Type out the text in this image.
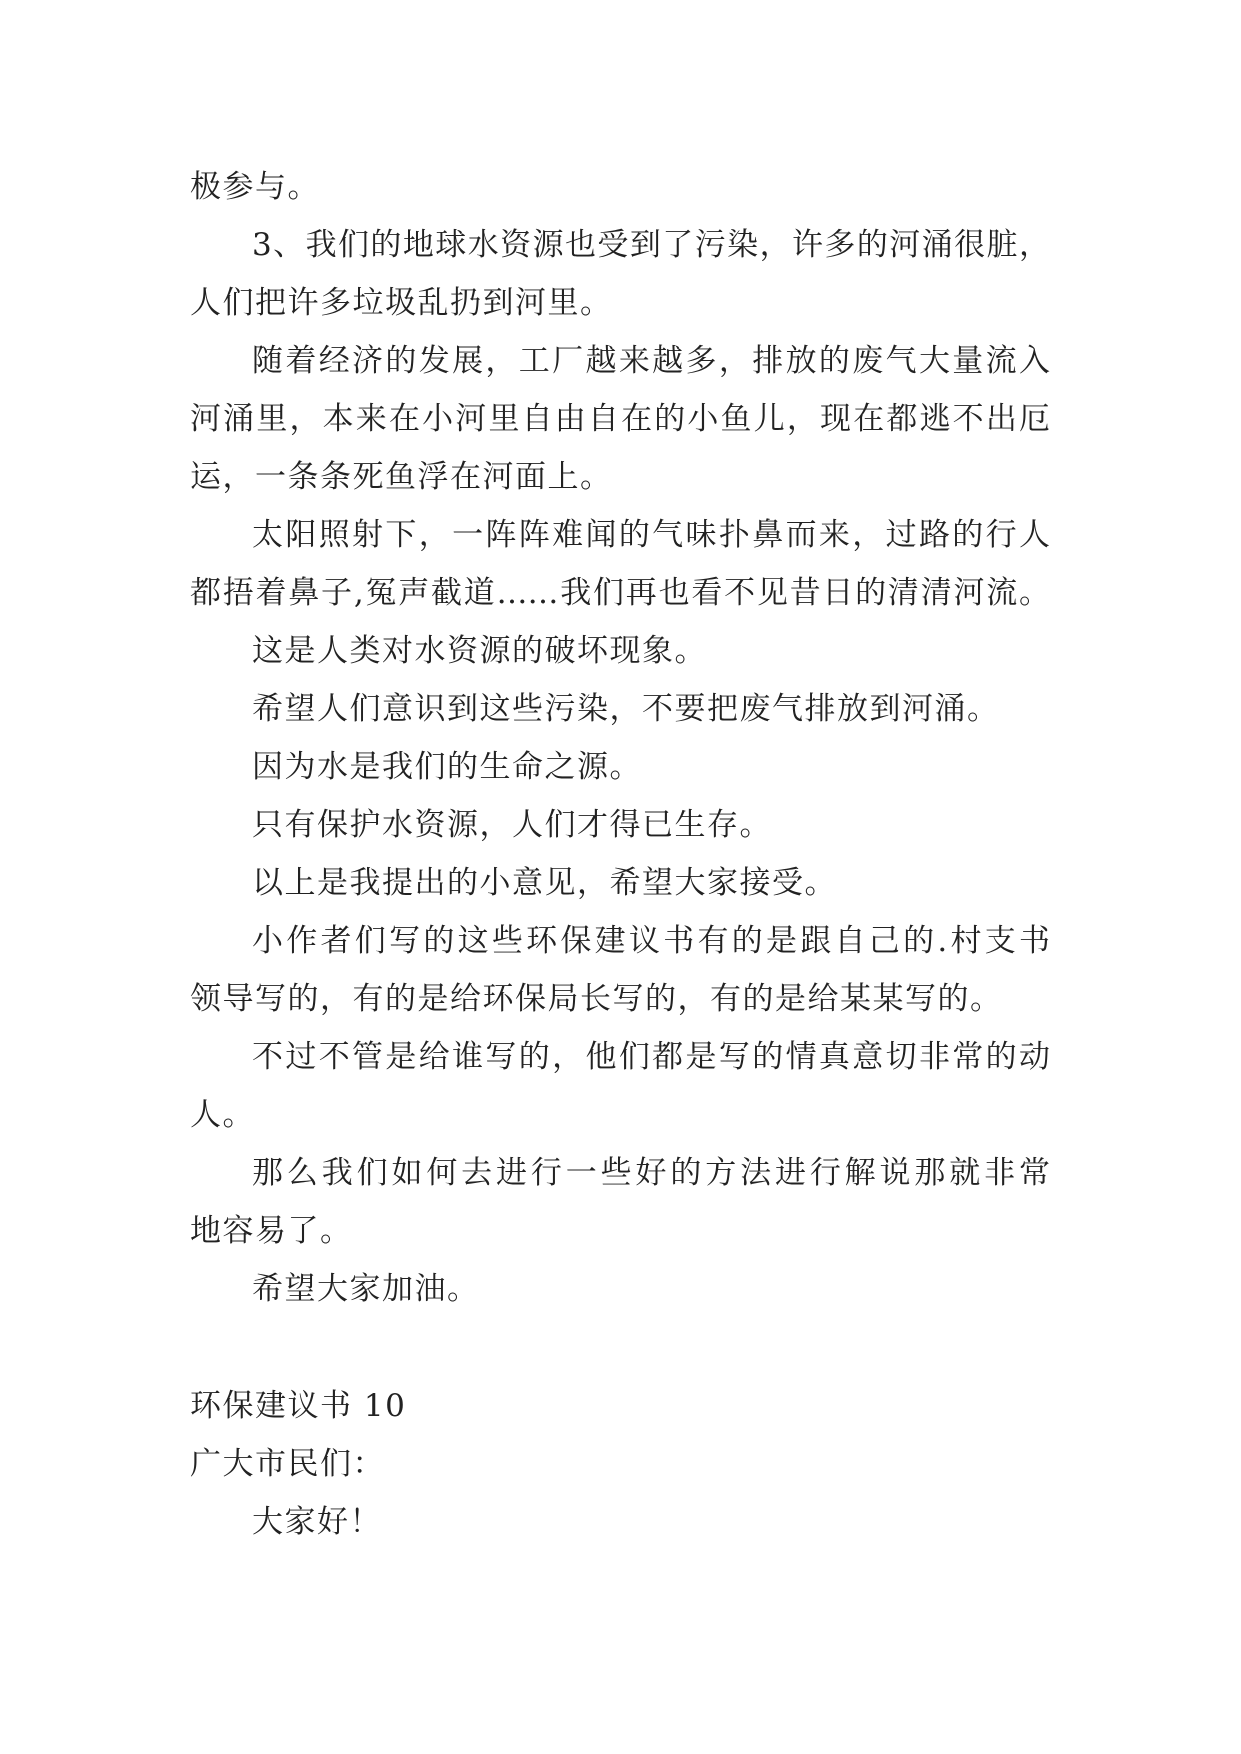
极参与。
3、我们的地球水资源也受到了污染，许多的河涌很脏，
人们把许多垃圾乱扔到河里。
随着经济的发展，工厂越来越多，排放的废气大量流入
河涌里，本来在小河里自由自在的小鱼儿，现在都逃不出厄
运，一条条死鱼浮在河面上。
太阳照射下，一阵阵难闻的气味扑鼻而来，过路的行人
都捂着鼻子,冤声截道……我们再也看不见昔日的清清河流。
这是人类对水资源的破坏现象。
希望人们意识到这些污染，不要把废气排放到河涌。
因为水是我们的生命之源。
只有保护水资源，人们才得已生存。
以上是我提出的小意见，希望大家接受。
小作者们写的这些环保建议书有的是跟自己的.村支书
领导写的，有的是给环保局长写的，有的是给某某写的。
不过不管是给谁写的，他们都是写的情真意切非常的动
人。
那么我们如何去进行一些好的方法进行解说那就非常
地容易了。
希望大家加油。
环保建议书 10
广大市民们：
大家好！
